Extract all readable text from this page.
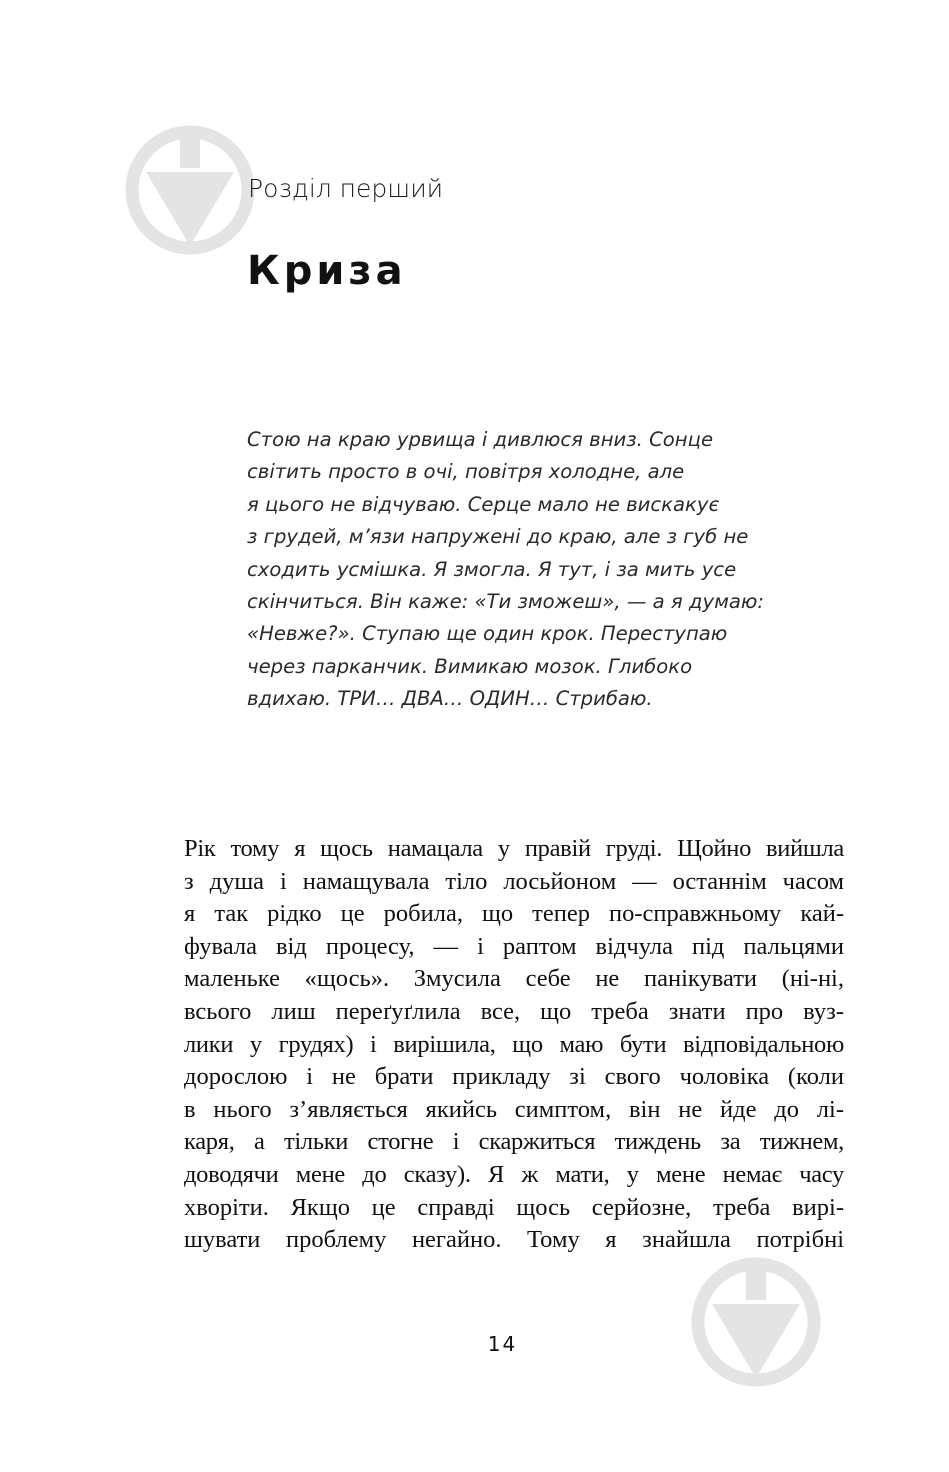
Розділ перший
Криза

Стою на краю урвища і дивлюся вниз. Сонце
світить просто в очі, повітря холодне, але
я цього не відчуваю. Серце мало не вискакує
з грудей, м’язи напружені до краю, але з губ не
сходить усмішка. Я змогла. Я тут, і за мить усе
скінчиться. Він каже: «Ти зможеш», — а я думаю:
«Невже?». Ступаю ще один крок. Переступаю
через парканчик. Вимикаю мозок. Глибоко
вдихаю. ТРИ… ДВА… ОДИН… Стрибаю.

Рік тому я щось намацала у правій груді. Щойно вийшла
з душа і намащувала тіло лосьйоном — останнім часом
я так рідко це робила, що тепер по-справжньому кай-
фувала від процесу, — і раптом відчула під пальцями
маленьке «щось». Змусила себе не панікувати (ні-ні,
всього лиш переґуґлила все, що треба знати про вуз-
лики у грудях) і вирішила, що маю бути відповідальною
дорослою і не брати прикладу зі свого чоловіка (коли
в нього з’являється якийсь симптом, він не йде до лі-
каря, а тільки стогне і скаржиться тиждень за тижнем,
доводячи мене до сказу). Я ж мати, у мене немає часу
хворіти. Якщо це справді щось серйозне, треба вирі-
шувати проблему негайно. Тому я знайшла потрібні

14
